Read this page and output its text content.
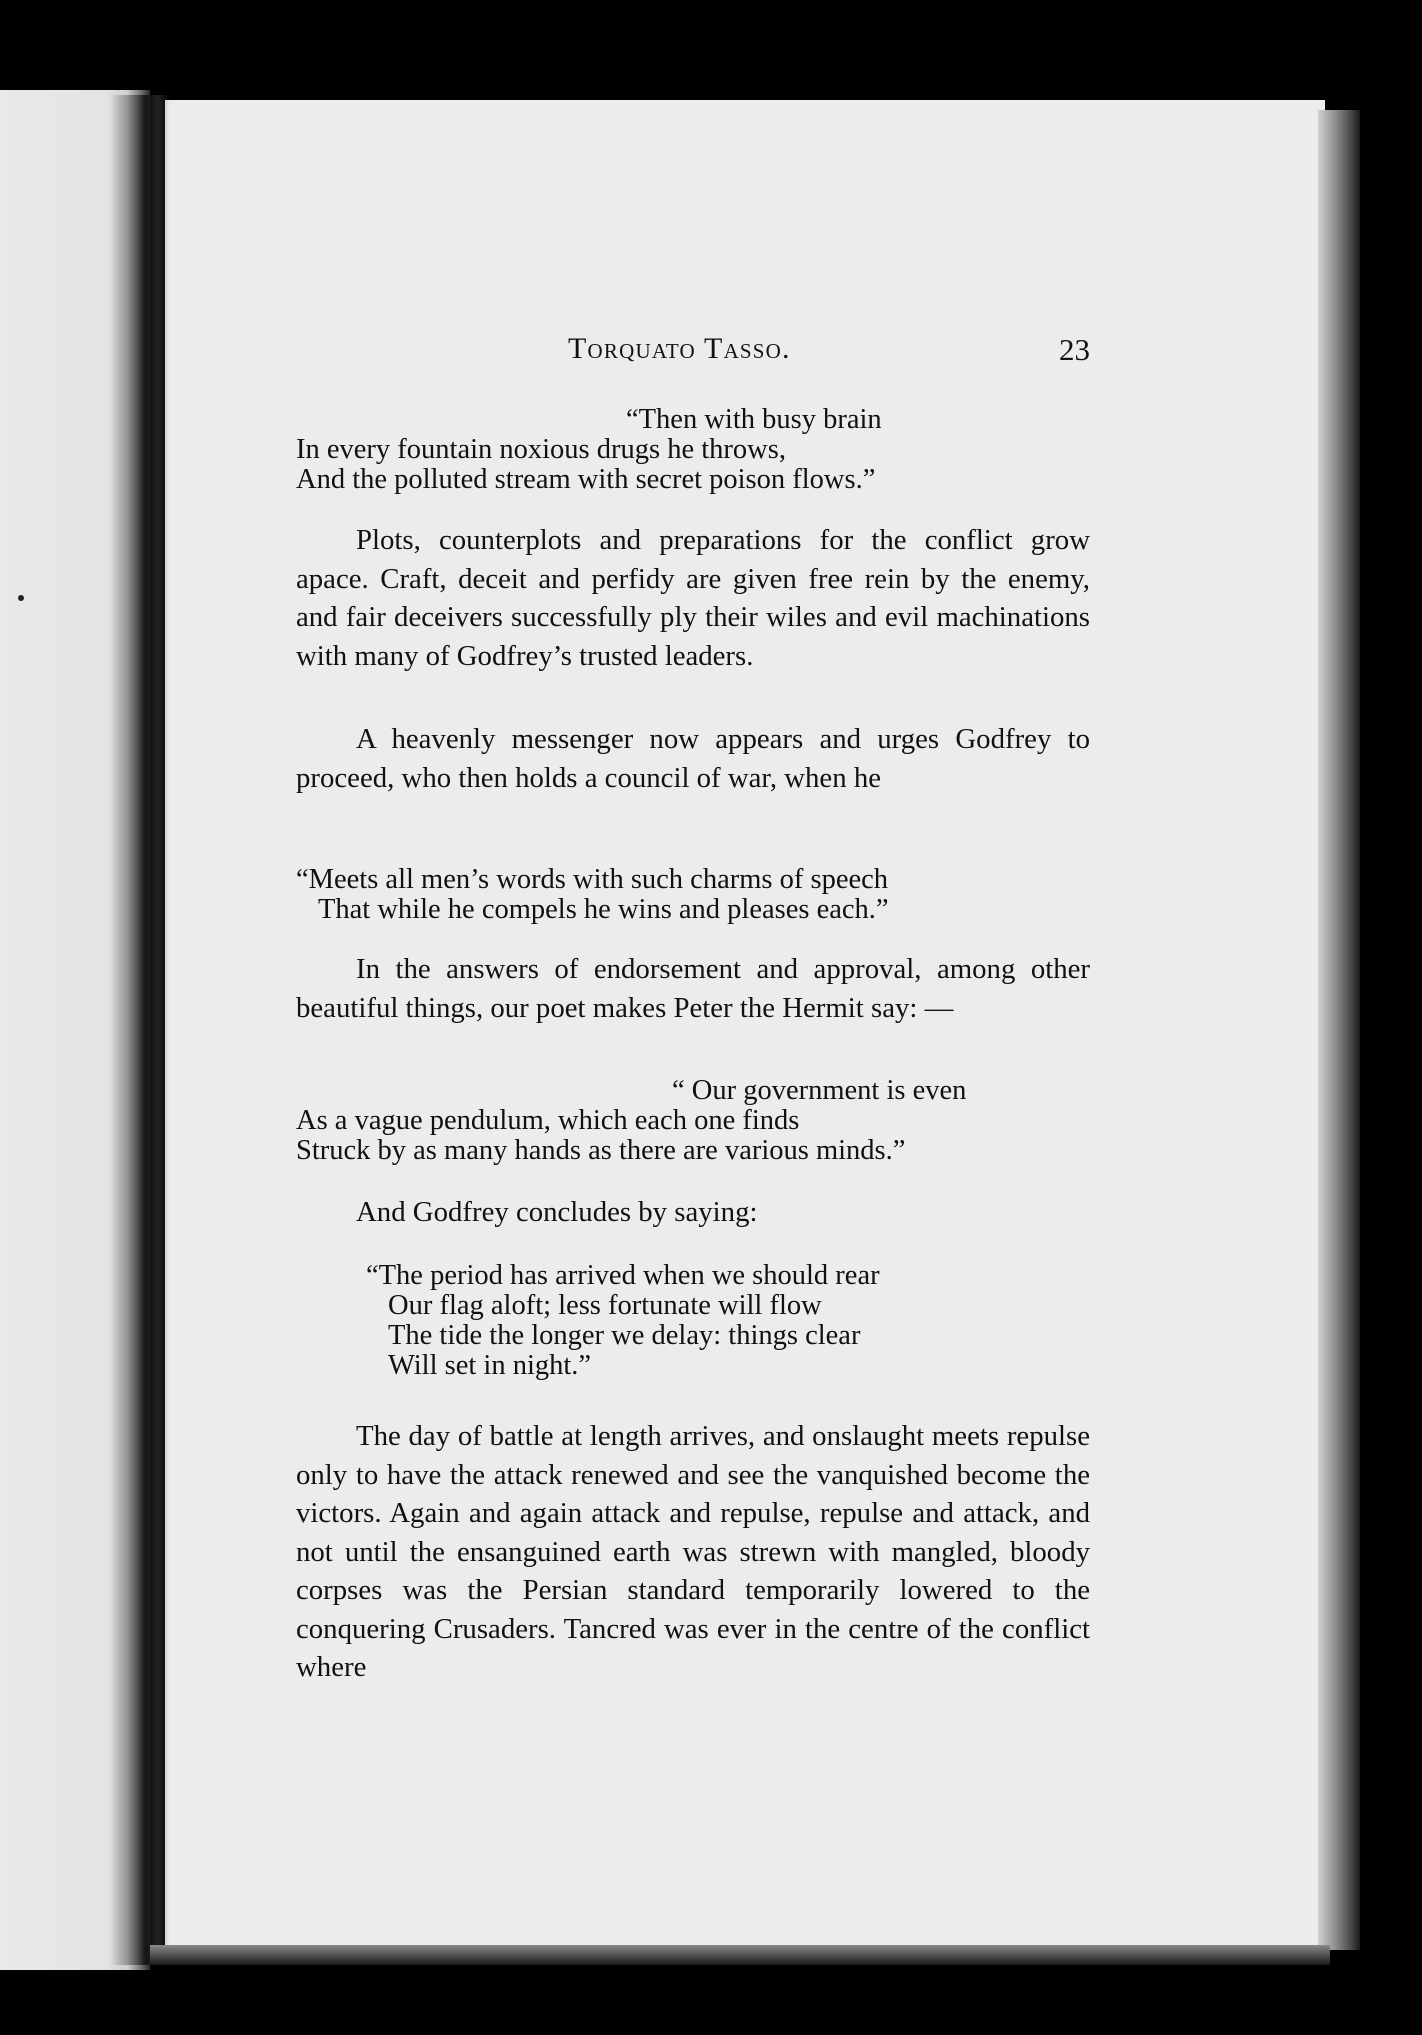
Torquato Tasso.	23
“Then with busy brain
In every fountain noxious drugs he throws,
And the polluted stream with secret poison flows.”

Plots, counterplots and preparations for the conflict grow apace. Craft, deceit and perfidy are given free rein by the enemy, and fair deceivers successfully ply their wiles and evil machinations with many of Godfrey’s trusted leaders.

A heavenly messenger now appears and urges Godfrey to proceed, who then holds a council of war, when he

“Meets all men’s words with such charms of speech
That while he compels he wins and pleases each.”

In the answers of endorsement and approval, among other beautiful things, our poet makes Peter the Hermit say: —

“ Our government is even
As a vague pendulum, which each one finds
Struck by as many hands as there are various minds.”

And Godfrey concludes by saying:

“The period has arrived when we should rear
Our flag aloft; less fortunate will flow
The tide the longer we delay: things clear
Will set in night.”

The day of battle at length arrives, and onslaught meets repulse only to have the attack renewed and see the vanquished become the victors. Again and again attack and repulse, repulse and attack, and not until the ensanguined earth was strewn with mangled, bloody corpses was the Persian standard temporarily lowered to the conquering Crusaders. Tancred was ever in the centre of the conflict where
